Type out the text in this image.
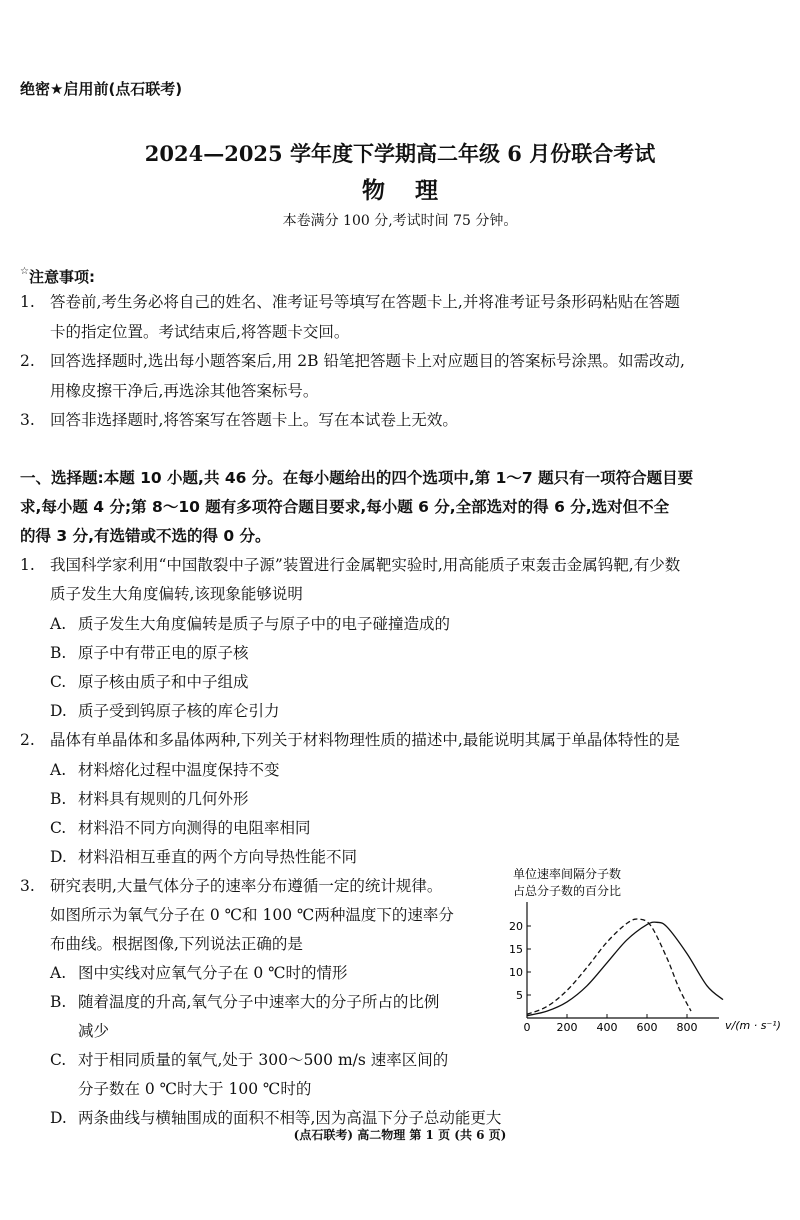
绝密★启用前(点石联考)
2024—2025 学年度下学期高二年级 6 月份联合考试
物理
本卷满分 100 分,考试时间 75 分钟。
☆注意事项:
1. 答卷前,考生务必将自己的姓名、准考证号等填写在答题卡上,并将准考证号条形码粘贴在答题
卡的指定位置。考试结束后,将答题卡交回。
2. 回答选择题时,选出每小题答案后,用 2B 铅笔把答题卡上对应题目的答案标号涂黑。如需改动,
用橡皮擦干净后,再选涂其他答案标号。
3. 回答非选择题时,将答案写在答题卡上。写在本试卷上无效。
一、选择题:本题 10 小题,共 46 分。在每小题给出的四个选项中,第 1～7 题只有一项符合题目要
求,每小题 4 分;第 8～10 题有多项符合题目要求,每小题 6 分,全部选对的得 6 分,选对但不全
的得 3 分,有选错或不选的得 0 分。
1. 我国科学家利用“中国散裂中子源”装置进行金属靶实验时,用高能质子束轰击金属钨靶,有少数
质子发生大角度偏转,该现象能够说明
A. 质子发生大角度偏转是质子与原子中的电子碰撞造成的
B. 原子中有带正电的原子核
C. 原子核由质子和中子组成
D. 质子受到钨原子核的库仑引力
2. 晶体有单晶体和多晶体两种,下列关于材料物理性质的描述中,最能说明其属于单晶体特性的是
A. 材料熔化过程中温度保持不变
B. 材料具有规则的几何外形
C. 材料沿不同方向测得的电阻率相同
D. 材料沿相互垂直的两个方向导热性能不同
3. 研究表明,大量气体分子的速率分布遵循一定的统计规律。
如图所示为氧气分子在 0 ℃和 100 ℃两种温度下的速率分
布曲线。根据图像,下列说法正确的是
A. 图中实线对应氧气分子在 0 ℃时的情形
B. 随着温度的升高,氧气分子中速率大的分子所占的比例
减少
C. 对于相同质量的氧气,处于 300～500 m/s 速率区间的
分子数在 0 ℃时大于 100 ℃时的
D. 两条曲线与横轴围成的面积不相等,因为高温下分子总动能更大
单位速率间隔分子数
占总分子数的百分比
0 200 400 600 800
5
10
15
20
v/(m · s⁻¹)
(点石联考) 高二物理 第 1 页 (共 6 页)
